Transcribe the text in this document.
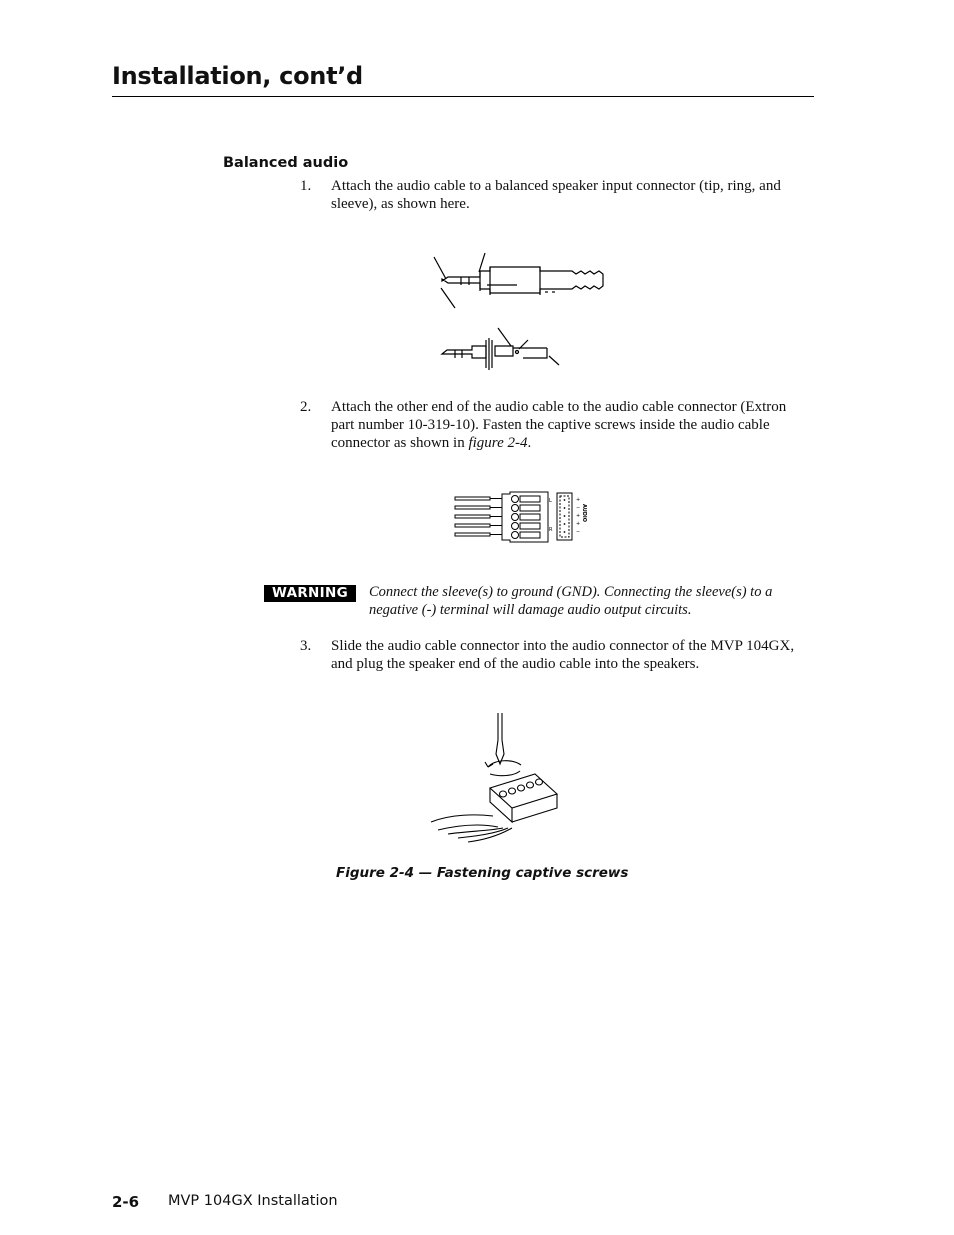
Installation, cont’d
Balanced audio
1. Attach the audio cable to a balanced speaker input connector (tip, ring, and sleeve), as shown here.
2. Attach the other end of the audio cable to the audio cable connector (Extron part number 10-319-10). Fasten the captive screws inside the audio cable connector as shown in figure 2-4.
L
R
+
−
+
+
−
AUDIO
WARNING	Connect the sleeve(s) to ground (GND). Connecting the sleeve(s) to a negative (-) terminal will damage audio output circuits.
3. Slide the audio cable connector into the audio connector of the MVP 104GX, and plug the speaker end of the audio cable into the speakers.
Figure 2-4 — Fastening captive screws
2-6 MVP 104GX Installation
